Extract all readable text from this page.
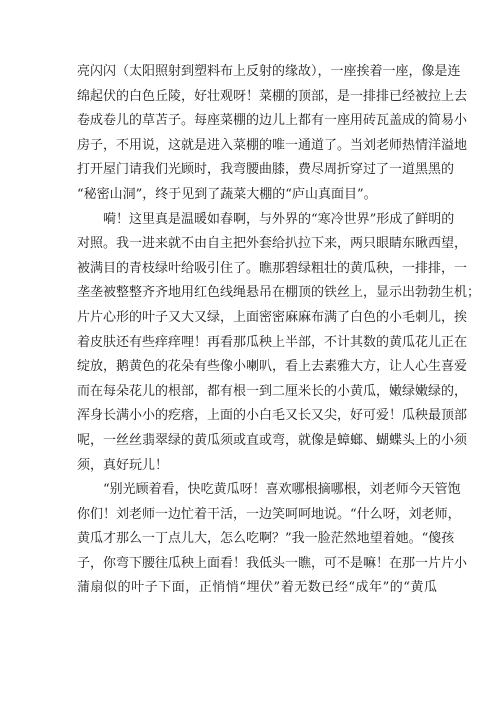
亮闪闪（太阳照射到塑料布上反射的缘故），一座挨着一座，像是连
绵起伏的白色丘陵，好壮观呀！菜棚的顶部，是一排排已经被拉上去
卷成卷儿的草苫子。每座菜棚的边儿上都有一座用砖瓦盖成的简易小
房子，不用说，这就是进入菜棚的唯一通道了。当刘老师热情洋溢地
打开屋门请我们光顾时，我弯腰曲膝，费尽周折穿过了一道黑黑的
“秘密山洞”，终于见到了蔬菜大棚的“庐山真面目”。
嗬！这里真是温暖如春啊，与外界的“寒冷世界”形成了鲜明的
对照。我一进来就不由自主把外套给扒拉下来，两只眼睛东瞅西望，
被满目的青枝绿叶给吸引住了。瞧那碧绿粗壮的黄瓜秧，一排排，一
垄垄被整整齐齐地用红色线绳悬吊在棚顶的铁丝上，显示出勃勃生机；
片片心形的叶子又大又绿，上面密密麻麻布满了白色的小毛刺儿，挨
着皮肤还有些痒痒哩！再看那瓜秧上半部，不计其数的黄瓜花儿正在
绽放，鹅黄色的花朵有些像小喇叭，看上去素雅大方，让人心生喜爱
而在每朵花儿的根部，都有根一到二厘米长的小黄瓜，嫩绿嫩绿的，
浑身长满小小的疙瘩，上面的小白毛又长又尖，好可爱！瓜秧最顶部
呢，一丝丝翡翠绿的黄瓜须或直或弯，就像是蟑螂、蝴蝶头上的小须
须，真好玩儿！
“别光顾着看，快吃黄瓜呀！喜欢哪根摘哪根，刘老师今天管饱
你们！刘老师一边忙着干活，一边笑呵呵地说。“什么呀，刘老师，
黄瓜才那么一丁点儿大，怎么吃啊？”我一脸茫然地望着她。“傻孩
子，你弯下腰往瓜秧上面看！我低头一瞧，可不是嘛！在那一片片小
蒲扇似的叶子下面，正悄悄“埋伏”着无数已经“成年”的“黄瓜
